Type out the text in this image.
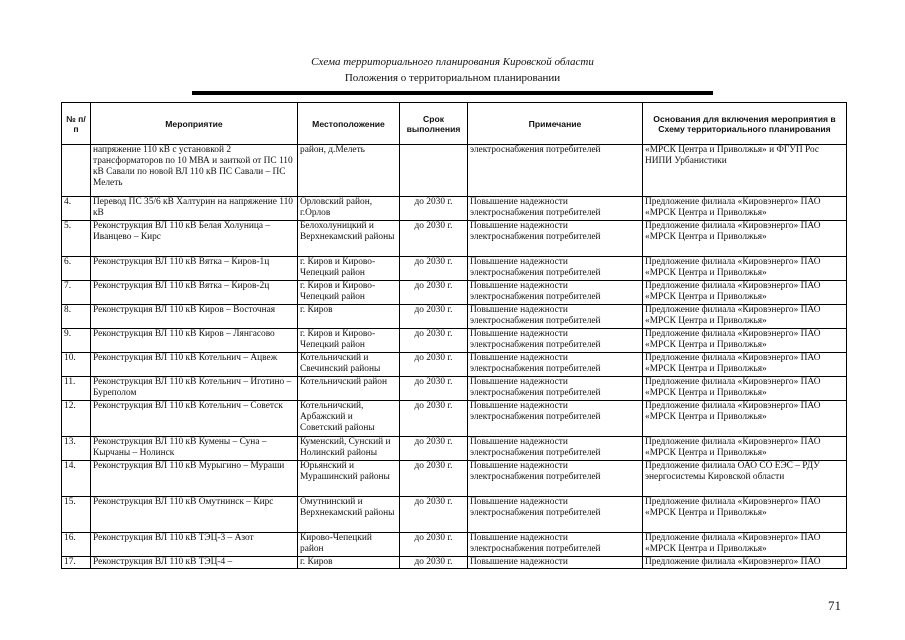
Схема территориального планирования Кировской области
Положения о территориальном планировании
№ п/п	Мероприятие	Местоположение	Срок выполнения	Примечание	Основания для включения мероприятия в Схему территориального планирования
	напряжение 110 кВ с установкой 2 трансформаторов по 10 МВА и заиткой от ПС 110 кВ Савали по новой ВЛ 110 кВ ПС Савали – ПС Мелеть	район, д.Мелеть		электроснабжения потребителей	«МРСК Центра и Приволжья» и ФГУП Рос НИПИ Урбанистики
4.	Перевод ПС 35/6 кВ Халтурин на напряжение 110 кВ	Орловский район, г.Орлов	до 2030 г.	Повышение надежности электроснабжения потребителей	Предложение филиала «Кировэнерго» ПАО «МРСК Центра и Приволжья»
5.	Реконструкция ВЛ 110 кВ Белая Холуница – Иванцево – Кирс	Белохолуницкий и Верхнекамский районы	до 2030 г.	Повышение надежности электроснабжения потребителей	Предложение филиала «Кировэнерго» ПАО «МРСК Центра и Приволжья»
6.	Реконструкция ВЛ 110 кВ Вятка – Киров-1ц	г. Киров и Кирово-Чепецкий район	до 2030 г.	Повышение надежности электроснабжения потребителей	Предложение филиала «Кировэнерго» ПАО «МРСК Центра и Приволжья»
7.	Реконструкция ВЛ 110 кВ Вятка – Киров-2ц	г. Киров и Кирово-Чепецкий район	до 2030 г.	Повышение надежности электроснабжения потребителей	Предложение филиала «Кировэнерго» ПАО «МРСК Центра и Приволжья»
8.	Реконструкция ВЛ 110 кВ Киров – Восточная	г. Киров	до 2030 г.	Повышение надежности электроснабжения потребителей	Предложение филиала «Кировэнерго» ПАО «МРСК Центра и Приволжья»
9.	Реконструкция ВЛ 110 кВ Киров – Лянгасово	г. Киров и Кирово-Чепецкий район	до 2030 г.	Повышение надежности электроснабжения потребителей	Предложение филиала «Кировэнерго» ПАО «МРСК Центра и Приволжья»
10.	Реконструкция ВЛ 110 кВ Котельнич – Ацвеж	Котельничский и Свечинский районы	до 2030 г.	Повышение надежности электроснабжения потребителей	Предложение филиала «Кировэнерго» ПАО «МРСК Центра и Приволжья»
11.	Реконструкция ВЛ 110 кВ Котельнич – Иготино – Буреполом	Котельничский район	до 2030 г.	Повышение надежности электроснабжения потребителей	Предложение филиала «Кировэнерго» ПАО «МРСК Центра и Приволжья»
12.	Реконструкция ВЛ 110 кВ Котельнич – Советск	Котельничский, Арбажский и Советский районы	до 2030 г.	Повышение надежности электроснабжения потребителей	Предложение филиала «Кировэнерго» ПАО «МРСК Центра и Приволжья»
13.	Реконструкция ВЛ 110 кВ Кумены – Суна – Кырчаны – Нолинск	Куменский, Сунский и Нолинский районы	до 2030 г.	Повышение надежности электроснабжения потребителей	Предложение филиала «Кировэнерго» ПАО «МРСК Центра и Приволжья»
14.	Реконструкция ВЛ 110 кВ Мурыгино – Мураши	Юрьянский и Мурашинский районы	до 2030 г.	Повышение надежности электроснабжения потребителей	Предложение филиала ОАО СО ЕЭС – РДУ энергосистемы Кировской области
15.	Реконструкция ВЛ 110 кВ Омутнинск – Кирс	Омутнинский и Верхнекамский районы	до 2030 г.	Повышение надежности электроснабжения потребителей	Предложение филиала «Кировэнерго» ПАО «МРСК Центра и Приволжья»
16.	Реконструкция ВЛ 110 кВ ТЭЦ-3 – Азот	Кирово-Чепецкий район	до 2030 г.	Повышение надежности электроснабжения потребителей	Предложение филиала «Кировэнерго» ПАО «МРСК Центра и Приволжья»
17.	Реконструкция ВЛ 110 кВ ТЭЦ-4 –	г. Киров	до 2030 г.	Повышение надежности	Предложение филиала «Кировэнерго» ПАО
71
